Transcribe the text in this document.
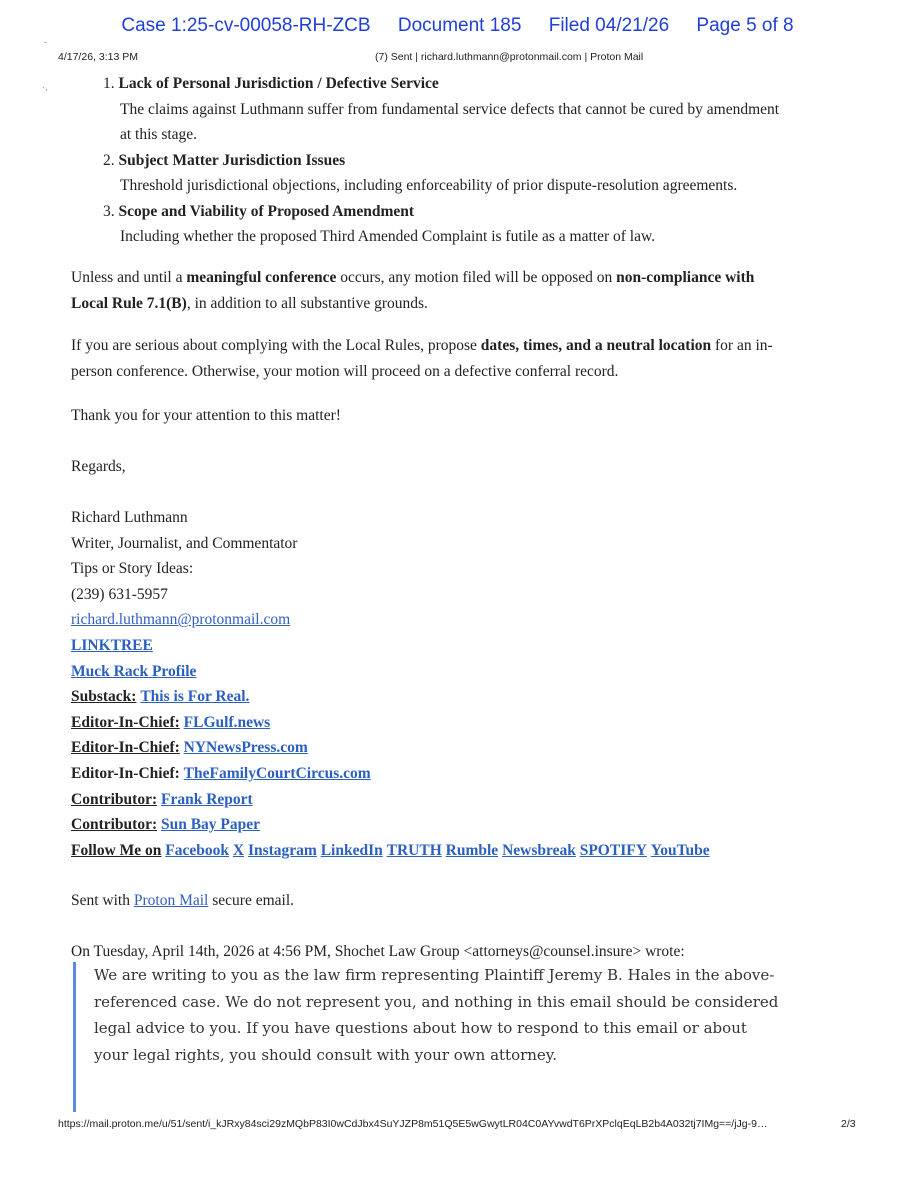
Case 1:25-cv-00058-RH-ZCB Document 185 Filed 04/21/26 Page 5 of 8
-
·,
4/17/26, 3:13 PM	(7) Sent | richard.luthmann@protonmail.com | Proton Mail
1. Lack of Personal Jurisdiction / Defective Service
The claims against Luthmann suffer from fundamental service defects that cannot be cured by amendment
at this stage.
2. Subject Matter Jurisdiction Issues
Threshold jurisdictional objections, including enforceability of prior dispute-resolution agreements.
3. Scope and Viability of Proposed Amendment
Including whether the proposed Third Amended Complaint is futile as a matter of law.
Unless and until a meaningful conference occurs, any motion filed will be opposed on non-compliance with
Local Rule 7.1(B), in addition to all substantive grounds.
If you are serious about complying with the Local Rules, propose dates, times, and a neutral location for an in-
person conference. Otherwise, your motion will proceed on a defective conferral record.
Thank you for your attention to this matter!
Regards,
Richard Luthmann
Writer, Journalist, and Commentator
Tips or Story Ideas:
(239) 631-5957
richard.luthmann@protonmail.com
LINKTREE
Muck Rack Profile
Substack: This is For Real.
Editor-In-Chief: FLGulf.news
Editor-In-Chief: NYNewsPress.com
Editor-In-Chief: TheFamilyCourtCircus.com
Contributor: Frank Report
Contributor: Sun Bay Paper
Follow Me on Facebook X Instagram LinkedIn TRUTH Rumble Newsbreak SPOTIFY YouTube
Sent with Proton Mail secure email.
On Tuesday, April 14th, 2026 at 4:56 PM, Shochet Law Group <attorneys@counsel.insure> wrote:
We are writing to you as the law firm representing Plaintiff Jeremy B. Hales in the above-
referenced case. We do not represent you, and nothing in this email should be considered
legal advice to you. If you have questions about how to respond to this email or about
your legal rights, you should consult with your own attorney.
https://mail.proton.me/u/51/sent/i_kJRxy84sci29zMQbP83I0wCdJbx4SuYJZP8m51Q5E5wGwytLR04C0AYvwdT6PrXPclqEqLB2b4A032tj7IMg==/jJg-9…	2/3
